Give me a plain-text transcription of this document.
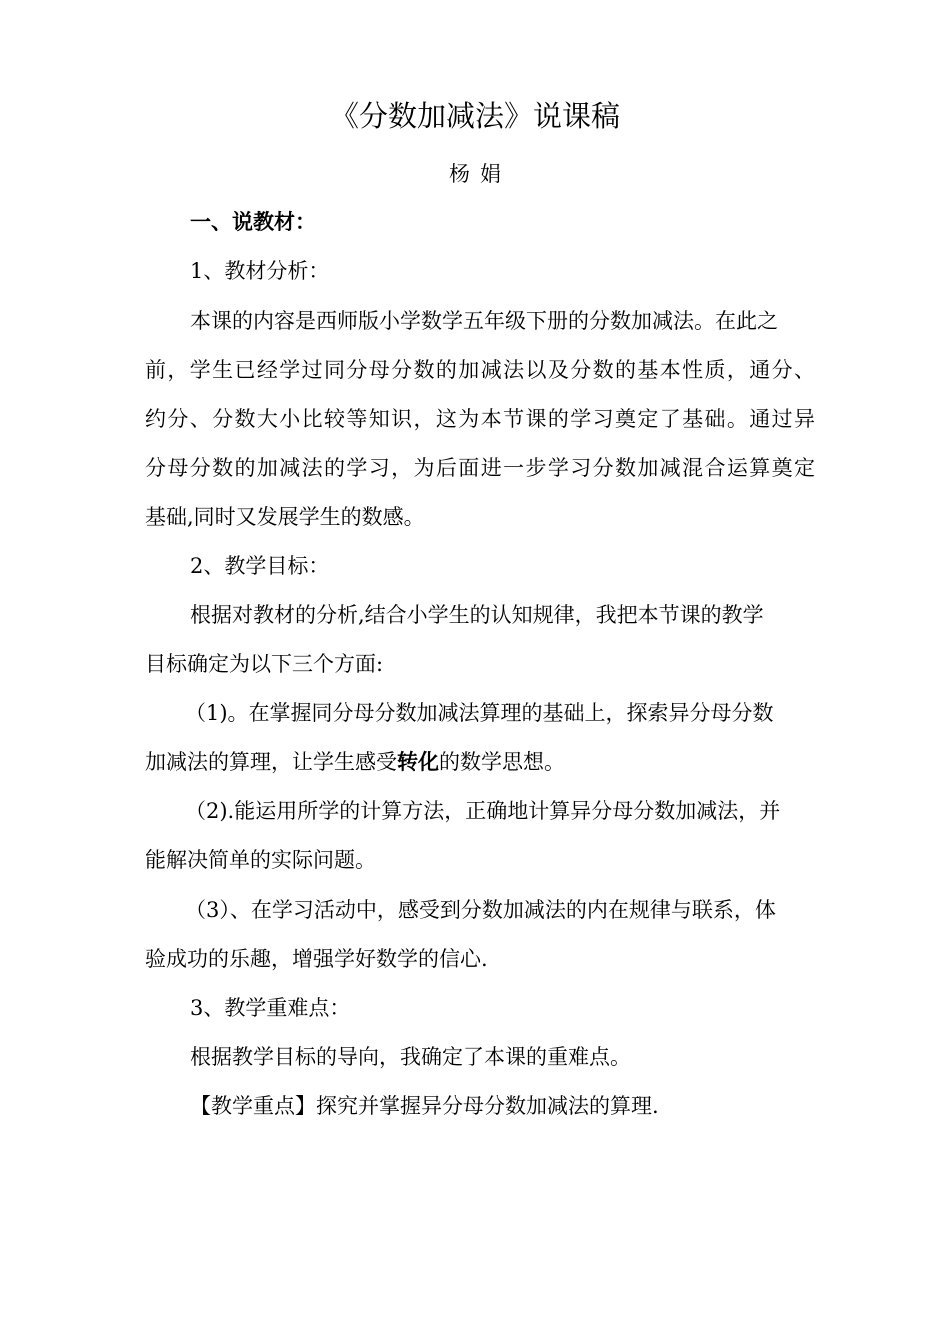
《分数加减法》说课稿
杨 娟
一、说教材：
1、教材分析：
本课的内容是西师版小学数学五年级下册的分数加减法。在此之
前，学生已经学过同分母分数的加减法以及分数的基本性质，通分、
约分、分数大小比较等知识，这为本节课的学习奠定了基础。通过异
分母分数的加减法的学习，为后面进一步学习分数加减混合运算奠定
基础,同时又发展学生的数感。
2、教学目标：
根据对教材的分析,结合小学生的认知规律，我把本节课的教学
目标确定为以下三个方面:
（1)。在掌握同分母分数加减法算理的基础上，探索异分母分数
加减法的算理，让学生感受转化的数学思想。
（2).能运用所学的计算方法，正确地计算异分母分数加减法，并
能解决简单的实际问题。
（3）、在学习活动中，感受到分数加减法的内在规律与联系，体
验成功的乐趣，增强学好数学的信心.
3、教学重难点：
根据教学目标的导向，我确定了本课的重难点。
【教学重点】探究并掌握异分母分数加减法的算理.
